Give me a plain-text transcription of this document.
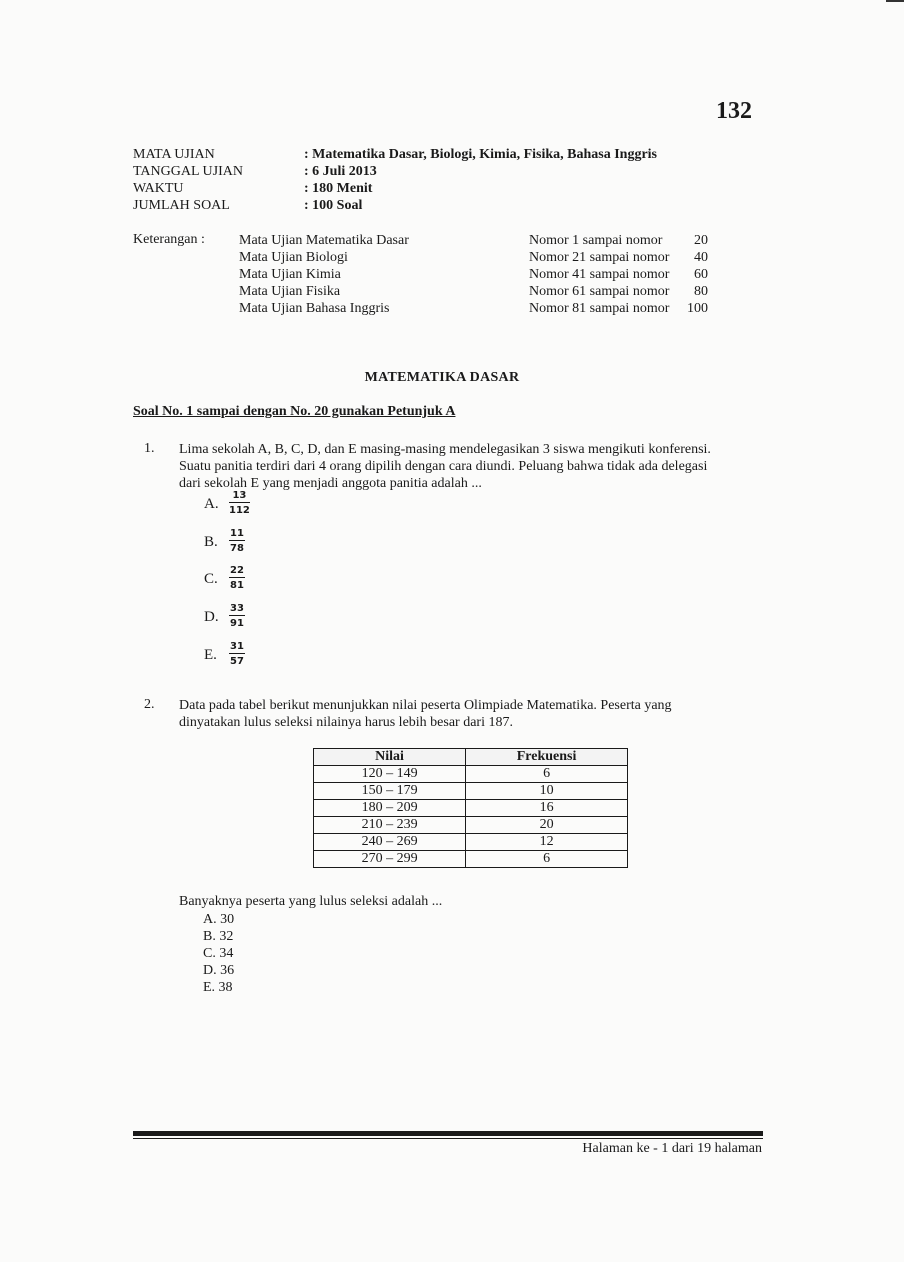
132
MATA UJIAN	: Matematika Dasar, Biologi, Kimia, Fisika, Bahasa Inggris
TANGGAL UJIAN	: 6 Juli 2013
WAKTU	: 180 Menit
JUMLAH SOAL	: 100 Soal
Keterangan : Mata Ujian Matematika Dasar	Nomor 1 sampai nomor 20
Mata Ujian Biologi	Nomor 21 sampai nomor 40
Mata Ujian Kimia	Nomor 41 sampai nomor 60
Mata Ujian Fisika	Nomor 61 sampai nomor 80
Mata Ujian Bahasa Inggris	Nomor 81 sampai nomor 100
MATEMATIKA DASAR
Soal No. 1 sampai dengan No. 20 gunakan Petunjuk A
1. Lima sekolah A, B, C, D, dan E masing-masing mendelegasikan 3 siswa mengikuti konferensi.
Suatu panitia terdiri dari 4 orang dipilih dengan cara diundi. Peluang bahwa tidak ada delegasi
dari sekolah E yang menjadi anggota panitia adalah ...
A. $\frac{13}{112}$
B. $\frac{11}{78}$
C. $\frac{22}{81}$
D. $\frac{33}{91}$
E. $\frac{31}{57}$
2. Data pada tabel berikut menunjukkan nilai peserta Olimpiade Matematika. Peserta yang
dinyatakan lulus seleksi nilainya harus lebih besar dari 187.
Nilai	Frekuensi
120 – 149	6
150 – 179	10
180 – 209	16
210 – 239	20
240 – 269	12
270 – 299	6
Banyaknya peserta yang lulus seleksi adalah ...
A. 30
B. 32
C. 34
D. 36
E. 38
Halaman ke - 1 dari 19 halaman
